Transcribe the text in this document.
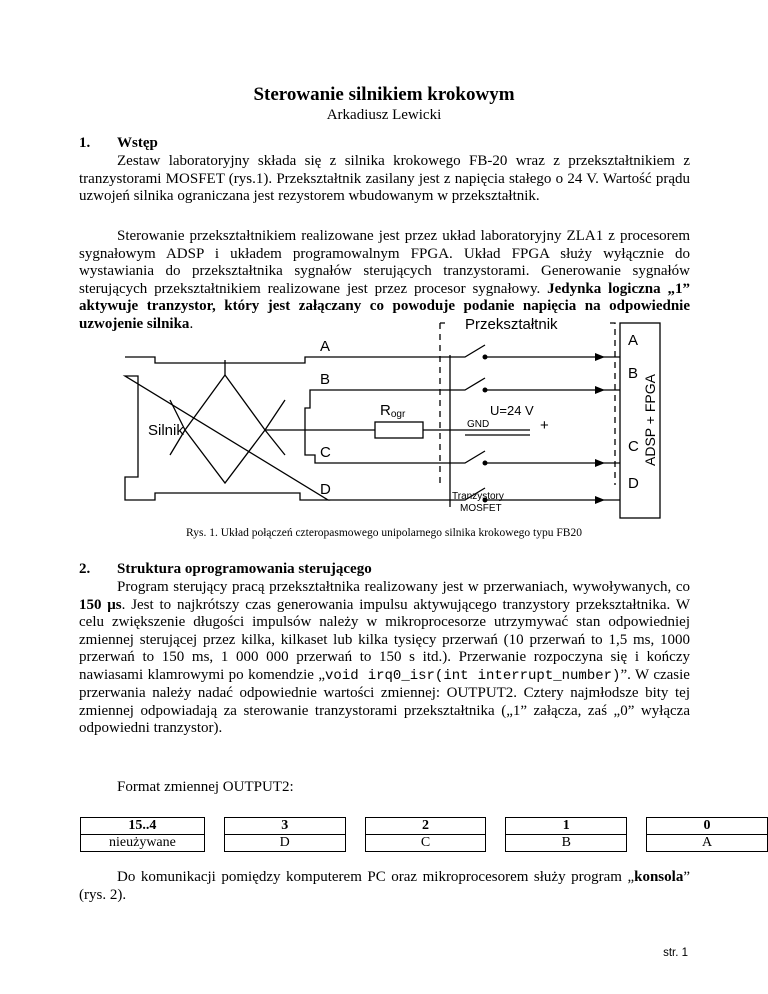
Sterowanie silnikiem krokowym
Arkadiusz Lewicki
1. Wstęp
Zestaw laboratoryjny składa się z silnika krokowego FB-20 wraz z przekształtnikiem z tranzystorami MOSFET (rys.1). Przekształtnik zasilany jest z napięcia stałego o 24 V. Wartość prądu uzwojeń silnika ograniczana jest rezystorem wbudowanym w przekształtnik.
Sterowanie przekształtnikiem realizowane jest przez układ laboratoryjny ZLA1 z procesorem sygnałowym ADSP i układem programowalnym FPGA. Układ FPGA służy wyłącznie do wystawiania do przekształtnika sygnałów sterujących tranzystorami. Generowanie sygnałów sterujących przekształtnikiem realizowane jest przez procesor sygnałowy. Jedynka logiczna „1” aktywuje tranzystor, który jest załączany co powoduje podanie napięcia na odpowiednie uzwojenie silnika.
A
B
C
D
Silnik
Przekształtnik
A
B
C
D
Rogr	U=24 V
+	ADSP + FPGA
GND
Tranzystory
MOSFET
Rys. 1. Układ połączeń czteropasmowego unipolarnego silnika krokowego typu FB20
2. Struktura oprogramowania sterującego
Program sterujący pracą przekształtnika realizowany jest w przerwaniach, wywoływanych, co 150 μs. Jest to najkrótszy czas generowania impulsu aktywującego tranzystory przekształtnika. W celu zwiększenie długości impulsów należy w mikroprocesorze utrzymywać stan odpowiedniej zmiennej sterującej przez kilka, kilkaset lub kilka tysięcy przerwań (10 przerwań to 1,5 ms, 1000 przerwań to 150 ms, 1 000 000 przerwań to 150 s itd.). Przerwanie rozpoczyna się i kończy nawiasami klamrowymi po komendzie „void irq0_isr(int interrupt_number)”. W czasie przerwania należy nadać odpowiednie wartości zmiennej: OUTPUT2. Cztery najmłodsze bity tej zmiennej odpowiadają za sterowanie tranzystorami przekształtnika („1” załącza, zaś „0” wyłącza odpowiedni tranzystor).
Format zmiennej OUTPUT2:
15..4		3		2		1		0
nieużywane		D		C		B		A
Do komunikacji pomiędzy komputerem PC oraz mikroprocesorem służy program „konsola” (rys. 2).
str. 1
